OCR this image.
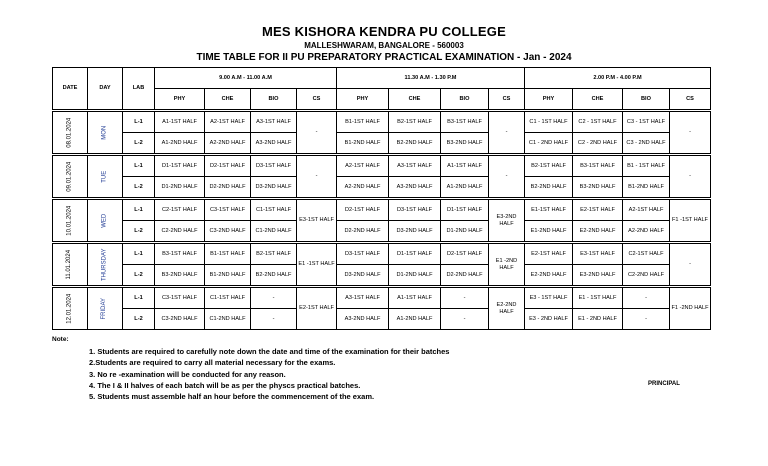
MES KISHORA KENDRA PU COLLEGE
MALLESHWARAM, BANGALORE - 560003
TIME TABLE FOR II PU PREPARATORY PRACTICAL EXAMINATION - Jan - 2024
DATE	DAY	LAB	9.00 A.M - 11.00 A.M				11.30 A.M - 1.30 P.M				2.00 P.M - 4.00 P.M			
			PHY	CHE	BIO	CS	PHY	CHE	BIO	CS	PHY	CHE	BIO	CS
08.01.2024	MON	L-1	A1-1ST HALF	A2-1ST HALF	A3-1ST HALF	-	B1-1ST HALF	B2-1ST HALF	B3-1ST HALF	-	C1 - 1ST HALF	C2 - 1ST HALF	C3 - 1ST HALF	-
		L-2	A1-2ND HALF	A2-2ND HALF	A3-2ND HALF		B1-2ND HALF	B2-2ND HALF	B3-2ND HALF		C1 - 2ND HALF	C2 - 2ND HALF	C3 - 2ND HALF	
09.01.2024	TUE	L-1	D1-1ST HALF	D2-1ST HALF	D3-1ST HALF	-	A2-1ST HALF	A3-1ST HALF	A1-1ST HALF	-	B2-1ST HALF	B3-1ST HALF	B1 - 1ST HALF	-
		L-2	D1-2ND HALF	D2-2ND HALF	D3-2ND HALF		A2-2ND HALF	A3-2ND HALF	A1-2ND HALF		B2-2ND HALF	B3-2ND HALF	B1-2ND HALF	
10.01.2024	WED	L-1	C2-1ST HALF	C3-1ST HALF	C1-1ST HALF	E3-1ST HALF	D2-1ST HALF	D3-1ST HALF	D1-1ST HALF	E3-2ND HALF	E1-1ST HALF	E2-1ST HALF	A2-1ST HALF	F1 -1ST HALF
		L-2	C2-2ND HALF	C3-2ND HALF	C1-2ND HALF		D2-2ND HALF	D3-2ND HALF	D1-2ND HALF		E1-2ND HALF	E2-2ND HALF	A2-2ND HALF	
11.01.2024	THURSDAY	L-1	B3-1ST HALF	B1-1ST HALF	B2-1ST HALF	E1 -1ST HALF	D3-1ST HALF	D1-1ST HALF	D2-1ST HALF	E1 -2ND HALF	E2-1ST HALF	E3-1ST HALF	C2-1ST HALF	-
		L-2	B3-2ND HALF	B1-2ND HALF	B2-2ND HALF		D3-2ND HALF	D1-2ND HALF	D2-2ND HALF		E2-2ND HALF	E3-2ND HALF	C2-2ND HALF	
12.01.2024	FRIDAY	L-1	C3-1ST HALF	C1-1ST HALF	-	E2-1ST HALF	A3-1ST HALF	A1-1ST HALF	-	E2-2ND HALF	E3 - 1ST HALF	E1 - 1ST HALF	-	F1 -2ND HALF
		L-2	C3-2ND HALF	C1-2ND HALF	-		A3-2ND HALF	A1-2ND HALF	-		E3 - 2ND HALF	E1 - 2ND HALF	-	
Note:
1. Students are required to carefully note down the date and time of the examination for their batches
2.Students are required to carry all material necessary for the exams.
3. No re -examination will be conducted for any reason.
4. The I & II halves of each batch will be as per the physcs practical batches.
5. Students must assemble half an hour before the commencement of the exam.
PRINCIPAL
